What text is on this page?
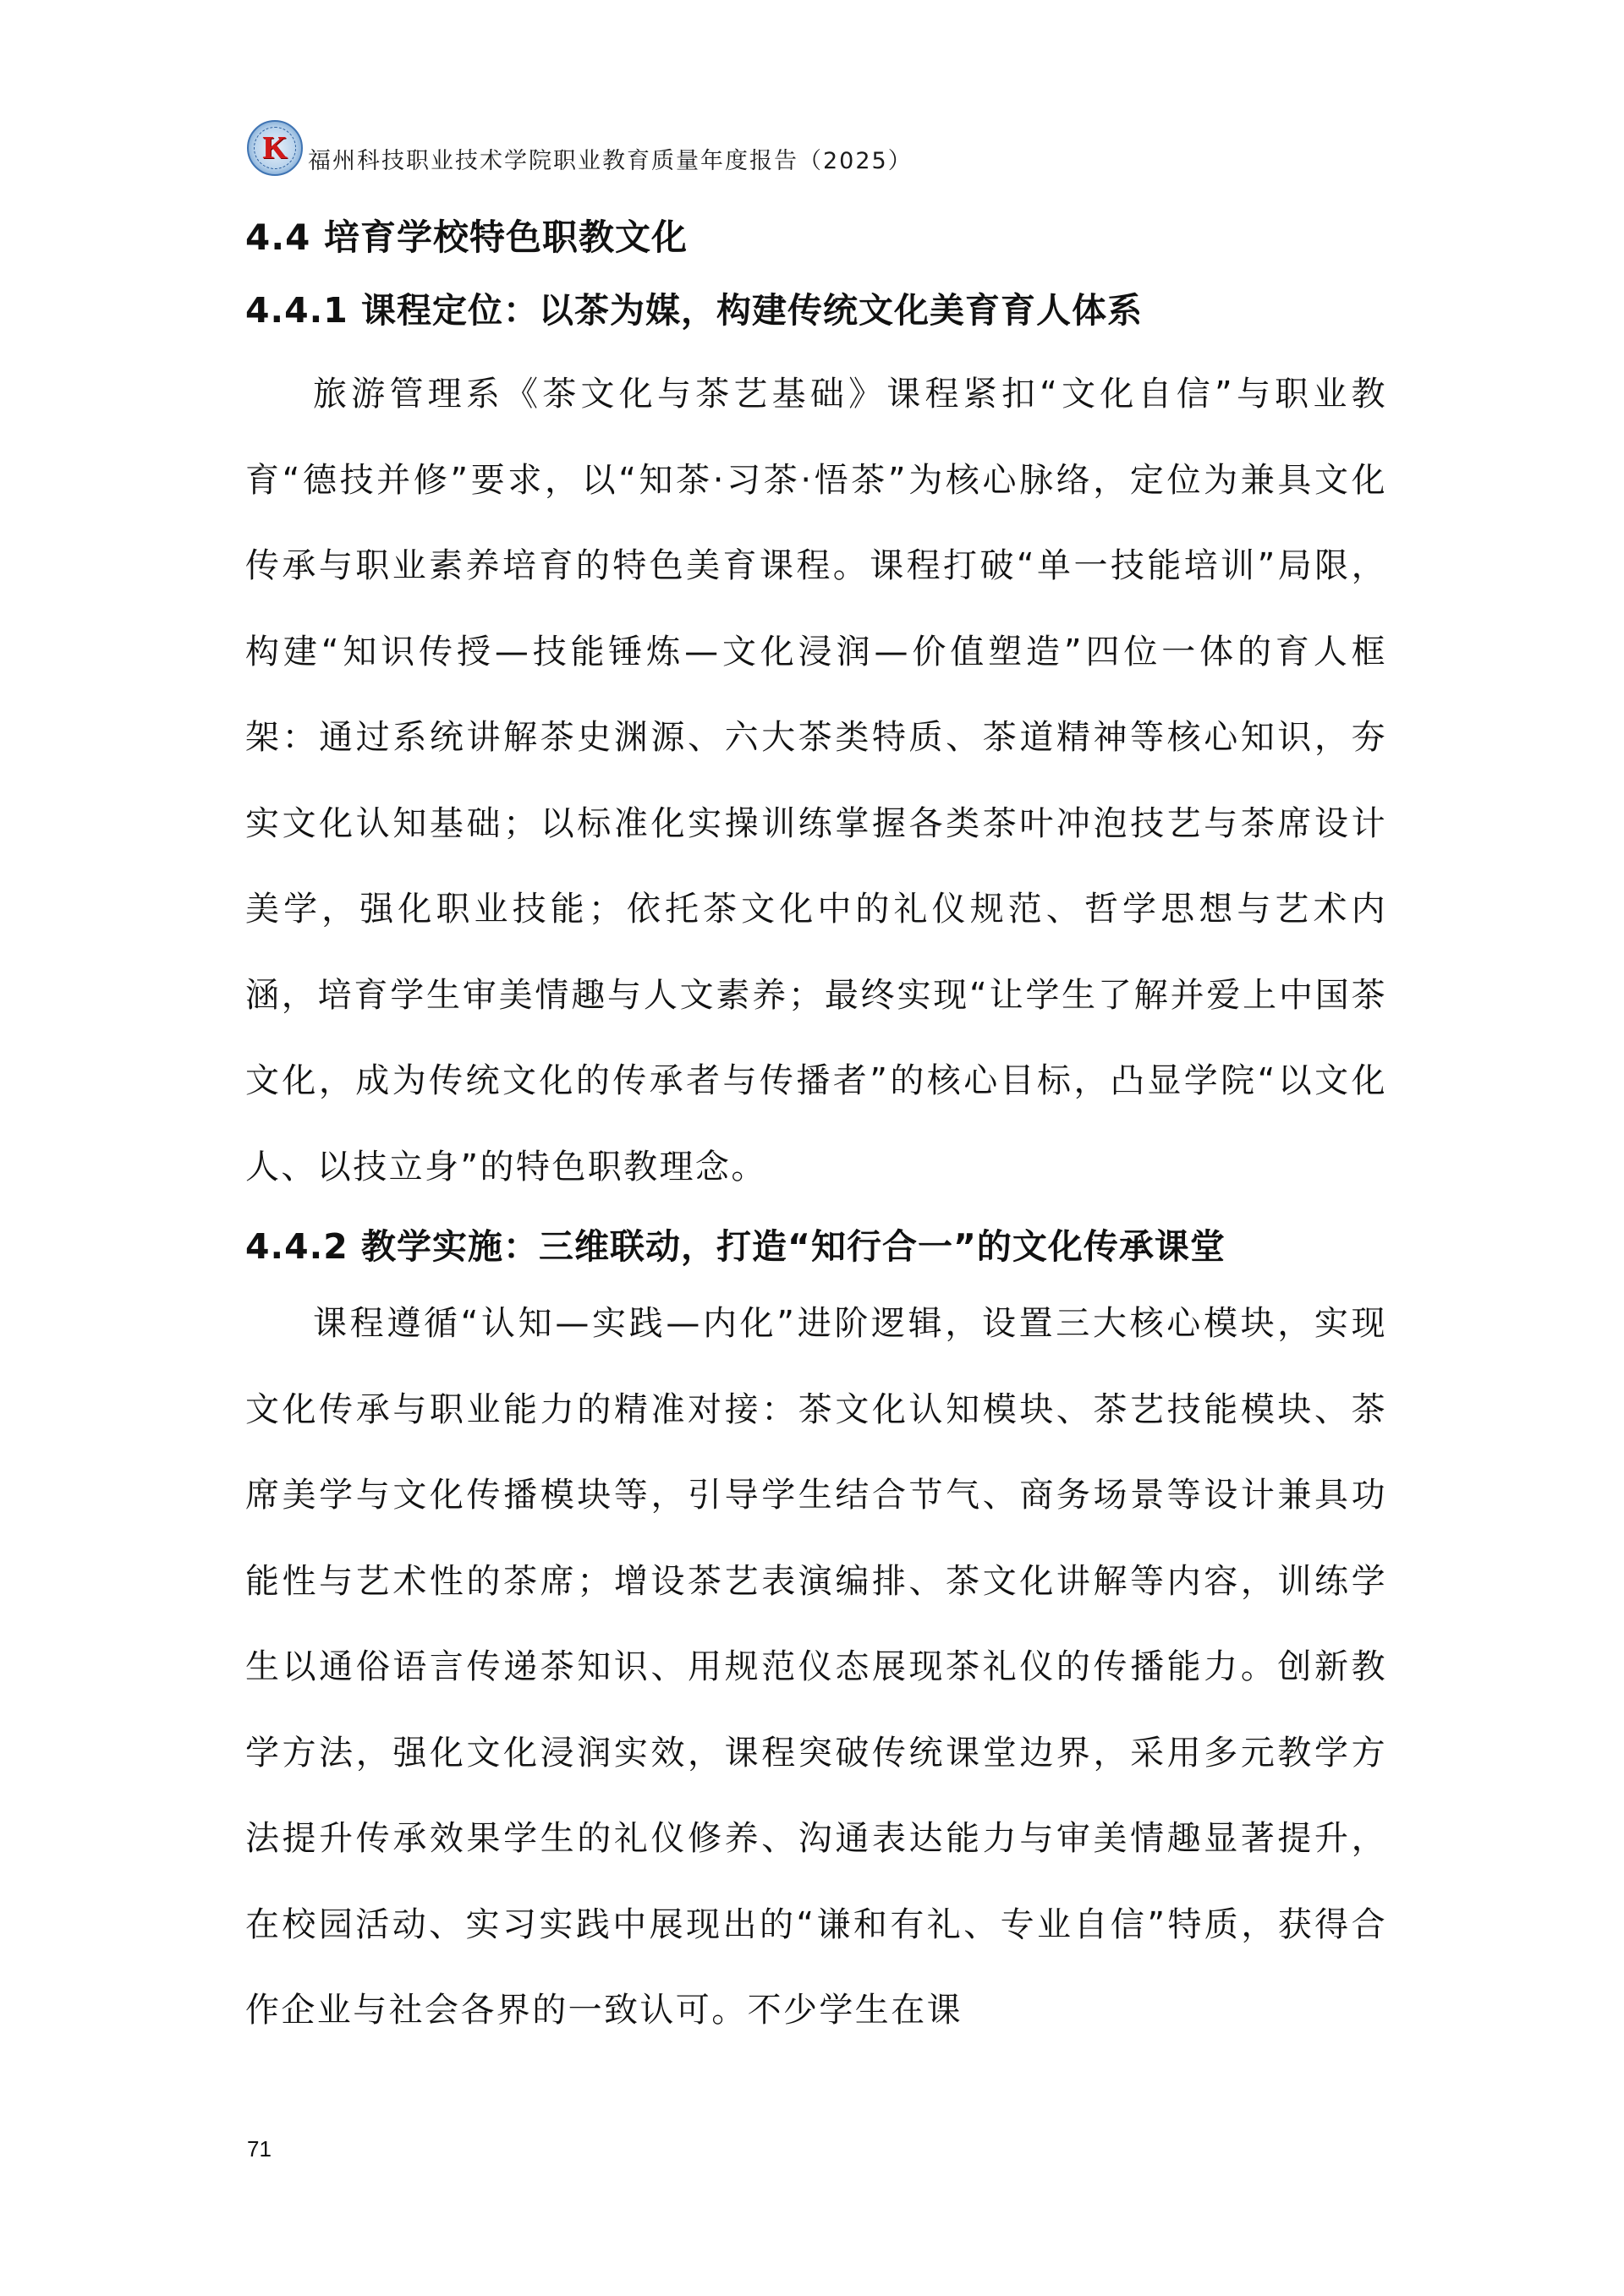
K 福州科技职业技术学院职业教育质量年度报告（2025）
4.4 培育学校特色职教文化
4.4.1 课程定位：以茶为媒，构建传统文化美育育人体系

旅游管理系《茶文化与茶艺基础》课程紧扣“文化自信”与职业教育“德技并修”要求，以“知茶·习茶·悟茶”为核心脉络，定位为兼具文化传承与职业素养培育的特色美育课程。课程打破“单一技能培训”局限，构建“知识传授—技能锤炼—文化浸润—价值塑造”四位一体的育人框架：通过系统讲解茶史渊源、六大茶类特质、茶道精神等核心知识，夯实文化认知基础；以标准化实操训练掌握各类茶叶冲泡技艺与茶席设计美学，强化职业技能；依托茶文化中的礼仪规范、哲学思想与艺术内涵，培育学生审美情趣与人文素养；最终实现“让学生了解并爱上中国茶文化，成为传统文化的传承者与传播者”的核心目标，凸显学院“以文化人、以技立身”的特色职教理念。

4.4.2 教学实施：三维联动，打造“知行合一”的文化传承课堂

课程遵循“认知—实践—内化”进阶逻辑，设置三大核心模块，实现文化传承与职业能力的精准对接：茶文化认知模块、茶艺技能模块、茶席美学与文化传播模块等，引导学生结合节气、商务场景等设计兼具功能性与艺术性的茶席；增设茶艺表演编排、茶文化讲解等内容，训练学生以通俗语言传递茶知识、用规范仪态展现茶礼仪的传播能力。创新教学方法，强化文化浸润实效，课程突破传统课堂边界，采用多元教学方法提升传承效果学生的礼仪修养、沟通表达能力与审美情趣显著提升，在校园活动、实习实践中展现出的“谦和有礼、专业自信”特质，获得合作企业与社会各界的一致认可。不少学生在课

71
